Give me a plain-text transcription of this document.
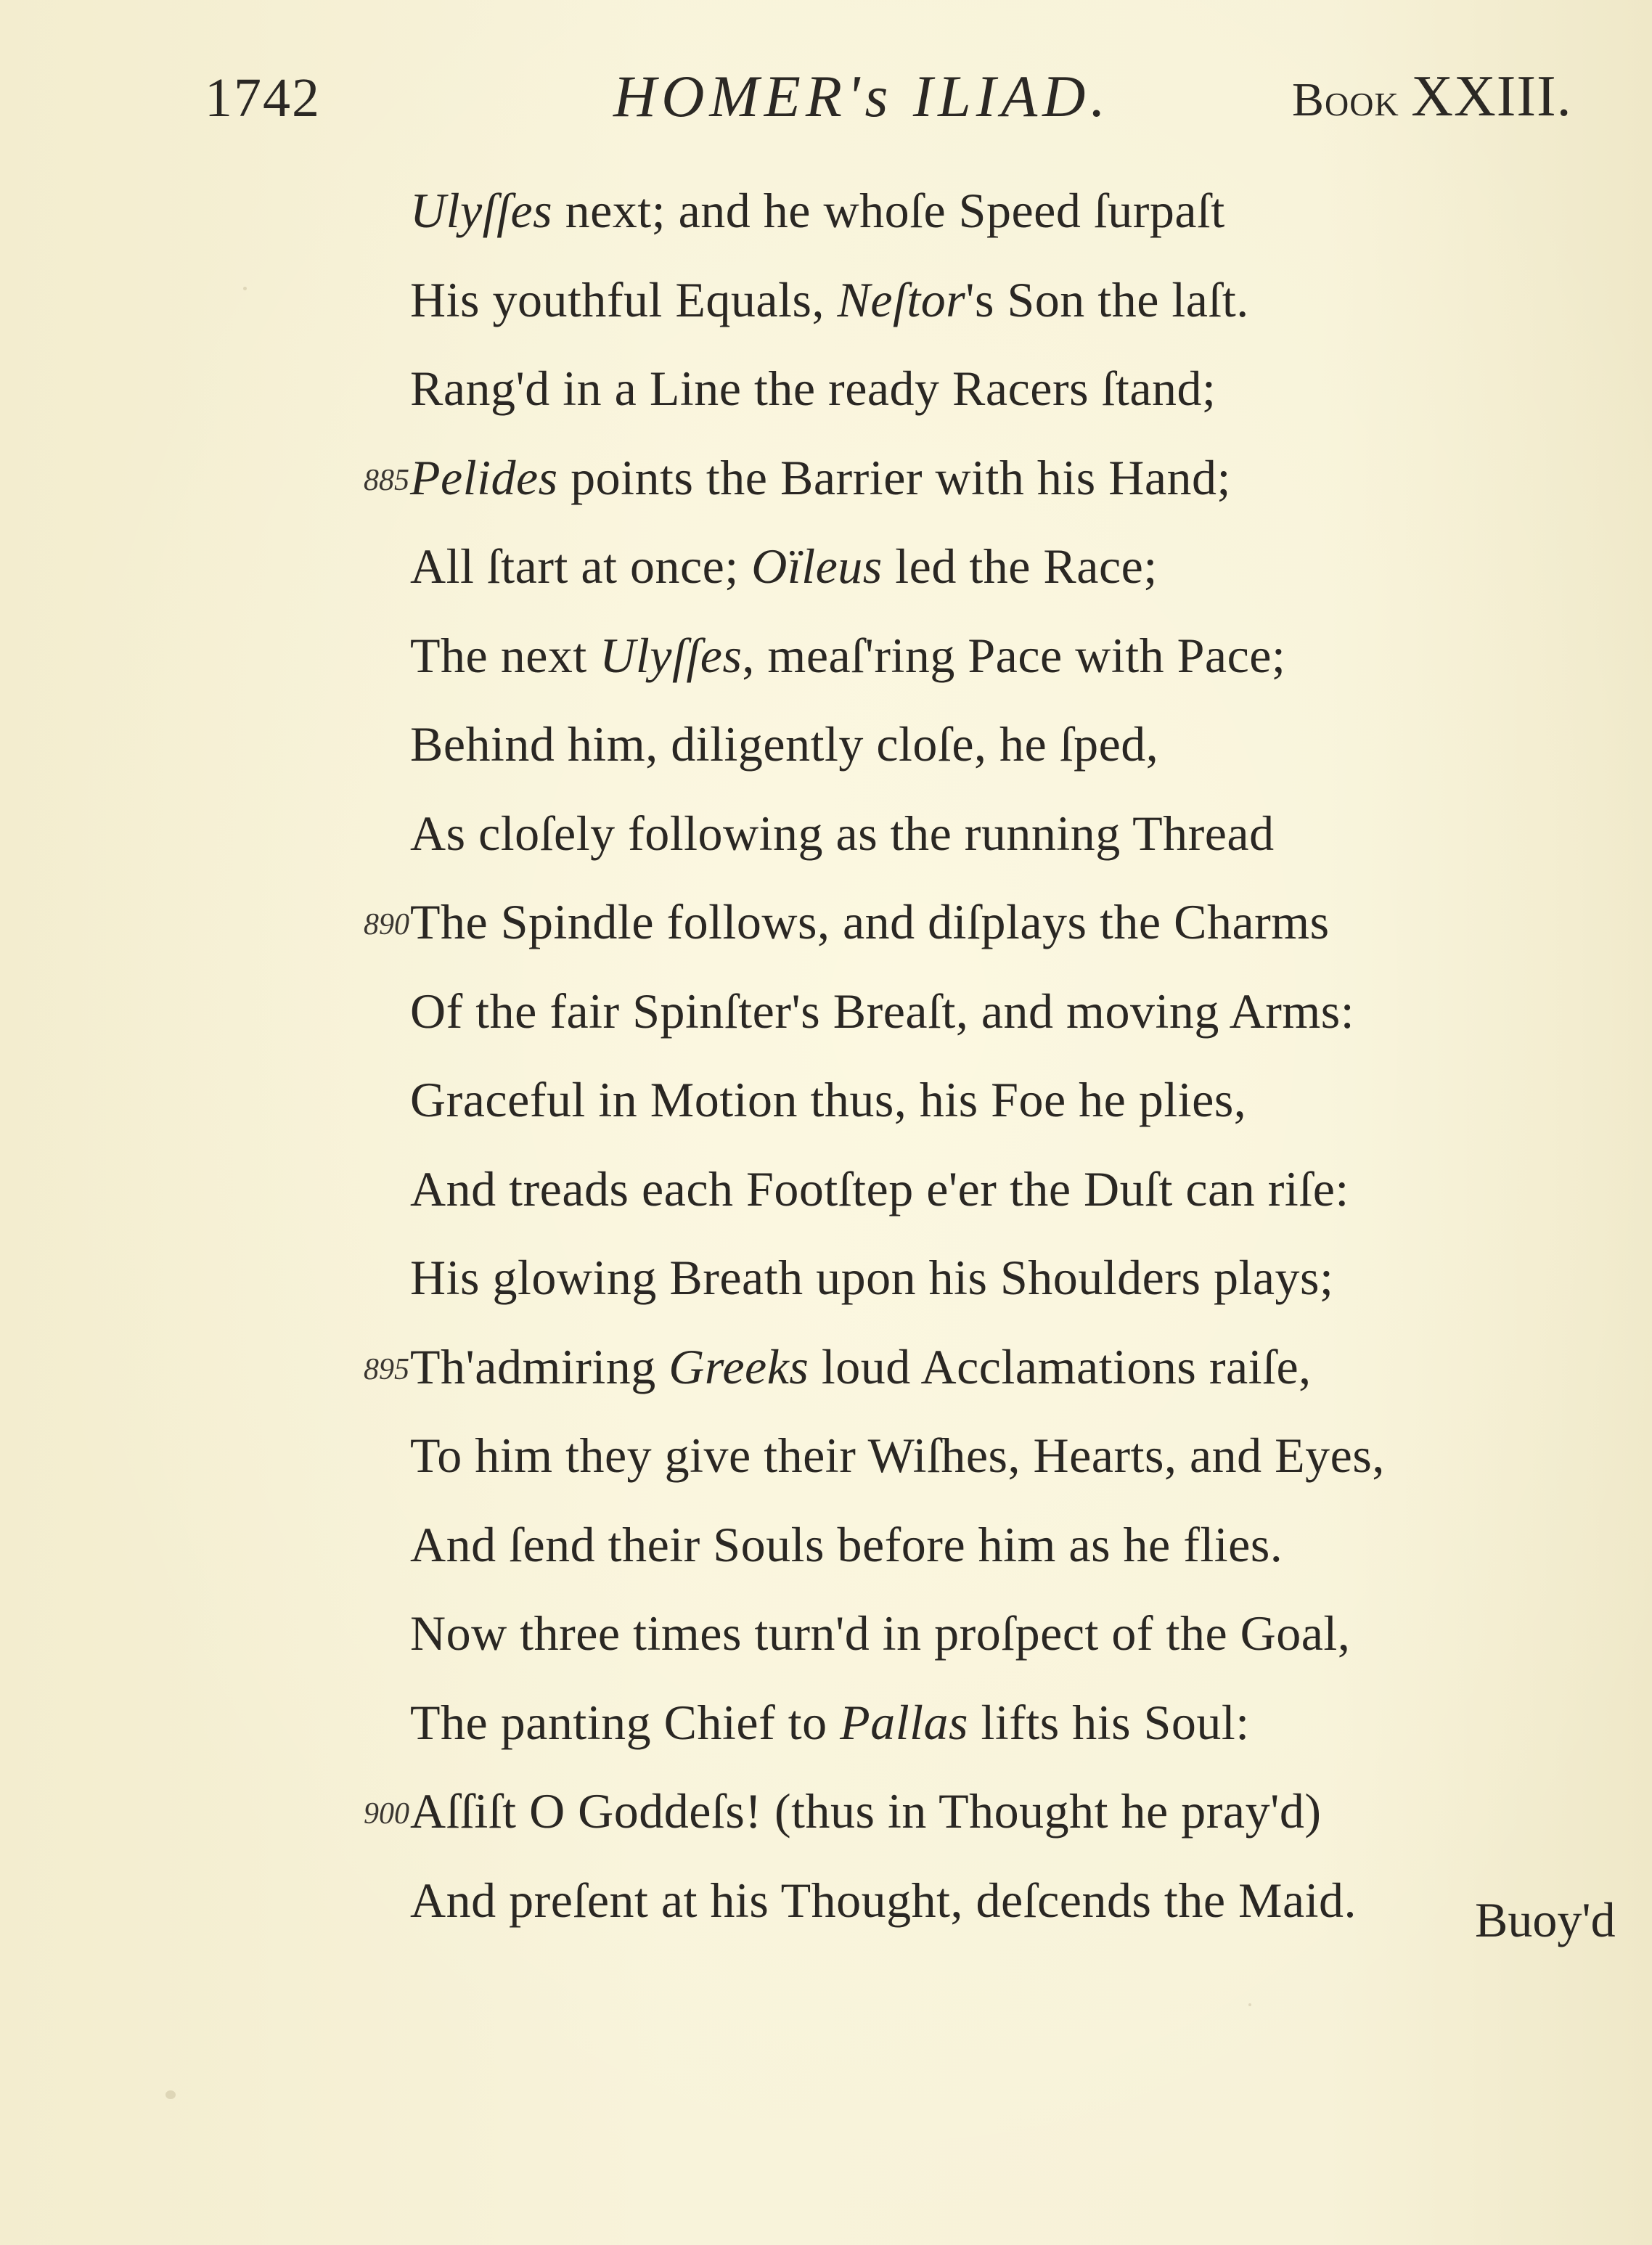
1742	HOMER's ILIAD.	Book XXIII.
Ulyſſes next; and he whoſe Speed ſurpaſt
His youthful Equals, Neſtor's Son the laſt.
Rang'd in a Line the ready Racers ſtand;
885 Pelides points the Barrier with his Hand;
All ſtart at once; Oïleus led the Race;
The next Ulyſſes, meaſ'ring Pace with Pace;
Behind him, diligently cloſe, he ſped,
As cloſely following as the running Thread
890 The Spindle follows, and diſplays the Charms
Of the fair Spinſter's Breaſt, and moving Arms:
Graceful in Motion thus, his Foe he plies,
And treads each Footſtep e'er the Duſt can riſe:
His glowing Breath upon his Shoulders plays;
895 Th'admiring Greeks loud Acclamations raiſe,
To him they give their Wiſhes, Hearts, and Eyes,
And ſend their Souls before him as he flies.
Now three times turn'd in proſpect of the Goal,
The panting Chief to Pallas lifts his Soul:
900 Aſſiſt O Goddeſs! (thus in Thought he pray'd)
And preſent at his Thought, deſcends the Maid. Buoy'd
